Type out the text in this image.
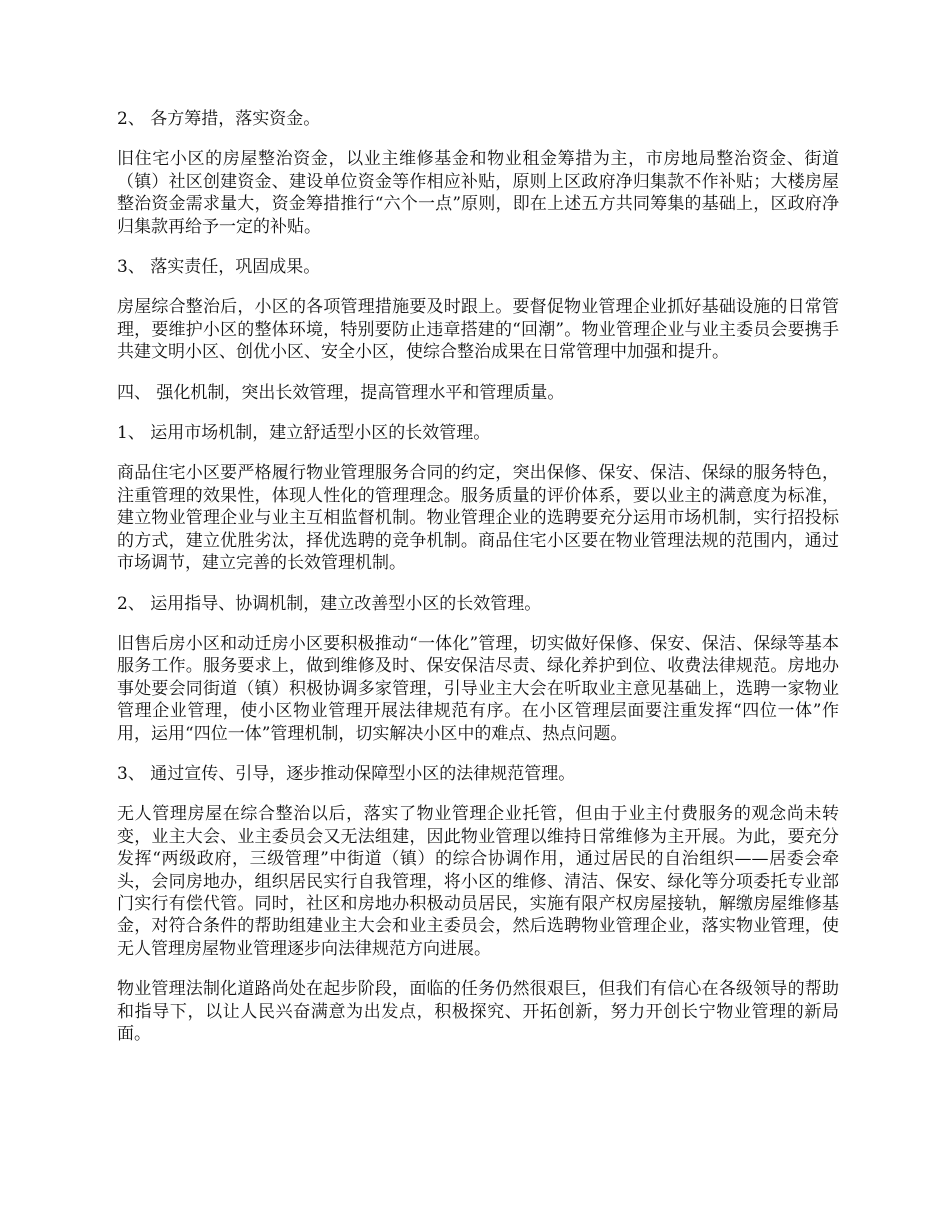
2、 各方筹措，落实资金。

旧住宅小区的房屋整治资金，以业主维修基金和物业租金筹措为主，市房地局整治资金、街道（镇）社区创建资金、建设单位资金等作相应补贴，原则上区政府净归集款不作补贴；大楼房屋整治资金需求量大，资金筹措推行“六个一点”原则，即在上述五方共同筹集的基础上，区政府净归集款再给予一定的补贴。

3、 落实责任，巩固成果。

房屋综合整治后，小区的各项管理措施要及时跟上。要督促物业管理企业抓好基础设施的日常管理，要维护小区的整体环境，特别要防止违章搭建的“回潮”。物业管理企业与业主委员会要携手共建文明小区、创优小区、安全小区，使综合整治成果在日常管理中加强和提升。

四、 强化机制，突出长效管理，提高管理水平和管理质量。

1、 运用市场机制，建立舒适型小区的长效管理。

商品住宅小区要严格履行物业管理服务合同的约定，突出保修、保安、保洁、保绿的服务特色，注重管理的效果性，体现人性化的管理理念。服务质量的评价体系，要以业主的满意度为标准，建立物业管理企业与业主互相监督机制。物业管理企业的选聘要充分运用市场机制，实行招投标的方式，建立优胜劣汰，择优选聘的竞争机制。商品住宅小区要在物业管理法规的范围内，通过市场调节，建立完善的长效管理机制。

2、 运用指导、协调机制，建立改善型小区的长效管理。

旧售后房小区和动迁房小区要积极推动“一体化”管理，切实做好保修、保安、保洁、保绿等基本服务工作。服务要求上，做到维修及时、保安保洁尽责、绿化养护到位、收费法律规范。房地办事处要会同街道（镇）积极协调多家管理，引导业主大会在听取业主意见基础上，选聘一家物业管理企业管理，使小区物业管理开展法律规范有序。在小区管理层面要注重发挥“四位一体”作用，运用“四位一体”管理机制，切实解决小区中的难点、热点问题。

3、 通过宣传、引导，逐步推动保障型小区的法律规范管理。

无人管理房屋在综合整治以后，落实了物业管理企业托管，但由于业主付费服务的观念尚未转变，业主大会、业主委员会又无法组建，因此物业管理以维持日常维修为主开展。为此，要充分发挥“两级政府，三级管理”中街道（镇）的综合协调作用，通过居民的自治组织——居委会牵头，会同房地办，组织居民实行自我管理，将小区的维修、清洁、保安、绿化等分项委托专业部门实行有偿代管。同时，社区和房地办积极动员居民，实施有限产权房屋接轨，解缴房屋维修基金，对符合条件的帮助组建业主大会和业主委员会，然后选聘物业管理企业，落实物业管理，使无人管理房屋物业管理逐步向法律规范方向进展。

物业管理法制化道路尚处在起步阶段，面临的任务仍然很艰巨，但我们有信心在各级领导的帮助和指导下，以让人民兴奋满意为出发点，积极探究、开拓创新，努力开创长宁物业管理的新局面。
